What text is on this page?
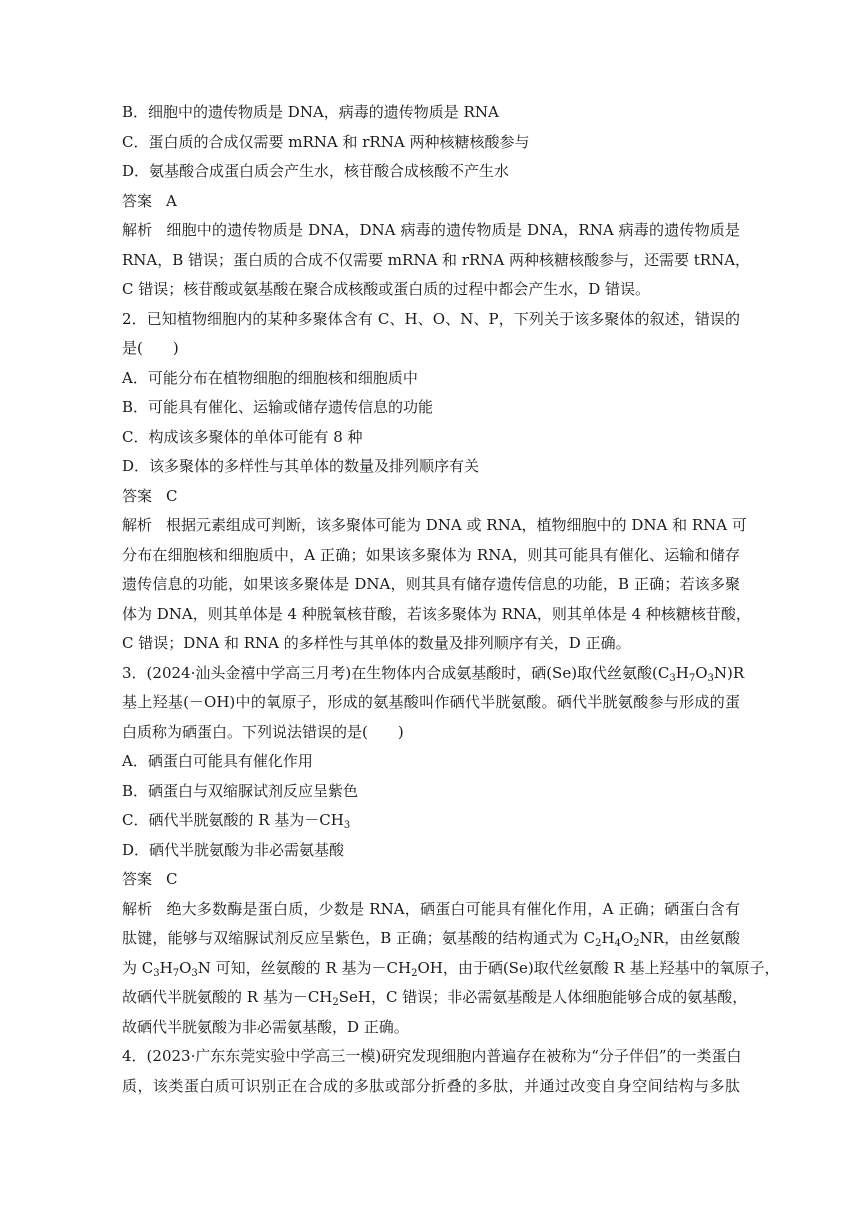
B．细胞中的遗传物质是 DNA，病毒的遗传物质是 RNA
C．蛋白质的合成仅需要 mRNA 和 rRNA 两种核糖核酸参与
D．氨基酸合成蛋白质会产生水，核苷酸合成核酸不产生水
答案 A
解析 细胞中的遗传物质是 DNA，DNA 病毒的遗传物质是 DNA，RNA 病毒的遗传物质是
RNA，B 错误；蛋白质的合成不仅需要 mRNA 和 rRNA 两种核糖核酸参与，还需要 tRNA，
C 错误；核苷酸或氨基酸在聚合成核酸或蛋白质的过程中都会产生水，D 错误。
2．已知植物细胞内的某种多聚体含有 C、H、O、N、P，下列关于该多聚体的叙述，错误的
是(　　)
A．可能分布在植物细胞的细胞核和细胞质中
B．可能具有催化、运输或储存遗传信息的功能
C．构成该多聚体的单体可能有 8 种
D．该多聚体的多样性与其单体的数量及排列顺序有关
答案 C
解析 根据元素组成可判断，该多聚体可能为 DNA 或 RNA，植物细胞中的 DNA 和 RNA 可
分布在细胞核和细胞质中，A 正确；如果该多聚体为 RNA，则其可能具有催化、运输和储存
遗传信息的功能，如果该多聚体是 DNA，则其具有储存遗传信息的功能，B 正确；若该多聚
体为 DNA，则其单体是 4 种脱氧核苷酸，若该多聚体为 RNA，则其单体是 4 种核糖核苷酸，
C 错误；DNA 和 RNA 的多样性与其单体的数量及排列顺序有关，D 正确。
3．(2024·汕头金禧中学高三月考)在生物体内合成氨基酸时，硒(Se)取代丝氨酸$(C_3H_7O_3N)R$
基上羟基(－OH)中的氧原子，形成的氨基酸叫作硒代半胱氨酸。硒代半胱氨酸参与形成的蛋
白质称为硒蛋白。下列说法错误的是(　　)
A．硒蛋白可能具有催化作用
B．硒蛋白与双缩脲试剂反应呈紫色
C．硒代半胱氨酸的 R 基为$-CH_3$
D．硒代半胱氨酸为非必需氨基酸
答案 C
解析 绝大多数酶是蛋白质，少数是 RNA，硒蛋白可能具有催化作用，A 正确；硒蛋白含有
肽键，能够与双缩脲试剂反应呈紫色，B 正确；氨基酸的结构通式为 $C_2H_4O_2NR$，由丝氨酸
为 $C_3H_7O_3N$ 可知，丝氨酸的 R 基为$-CH_2OH$，由于硒(Se)取代丝氨酸 R 基上羟基中的氧原子，
故硒代半胱氨酸的 R 基为$-CH_2SeH$，C 错误；非必需氨基酸是人体细胞能够合成的氨基酸，
故硒代半胱氨酸为非必需氨基酸，D 正确。
4．(2023·广东东莞实验中学高三一模)研究发现细胞内普遍存在被称为“分子伴侣”的一类蛋白
质，该类蛋白质可识别正在合成的多肽或部分折叠的多肽，并通过改变自身空间结构与多肽
